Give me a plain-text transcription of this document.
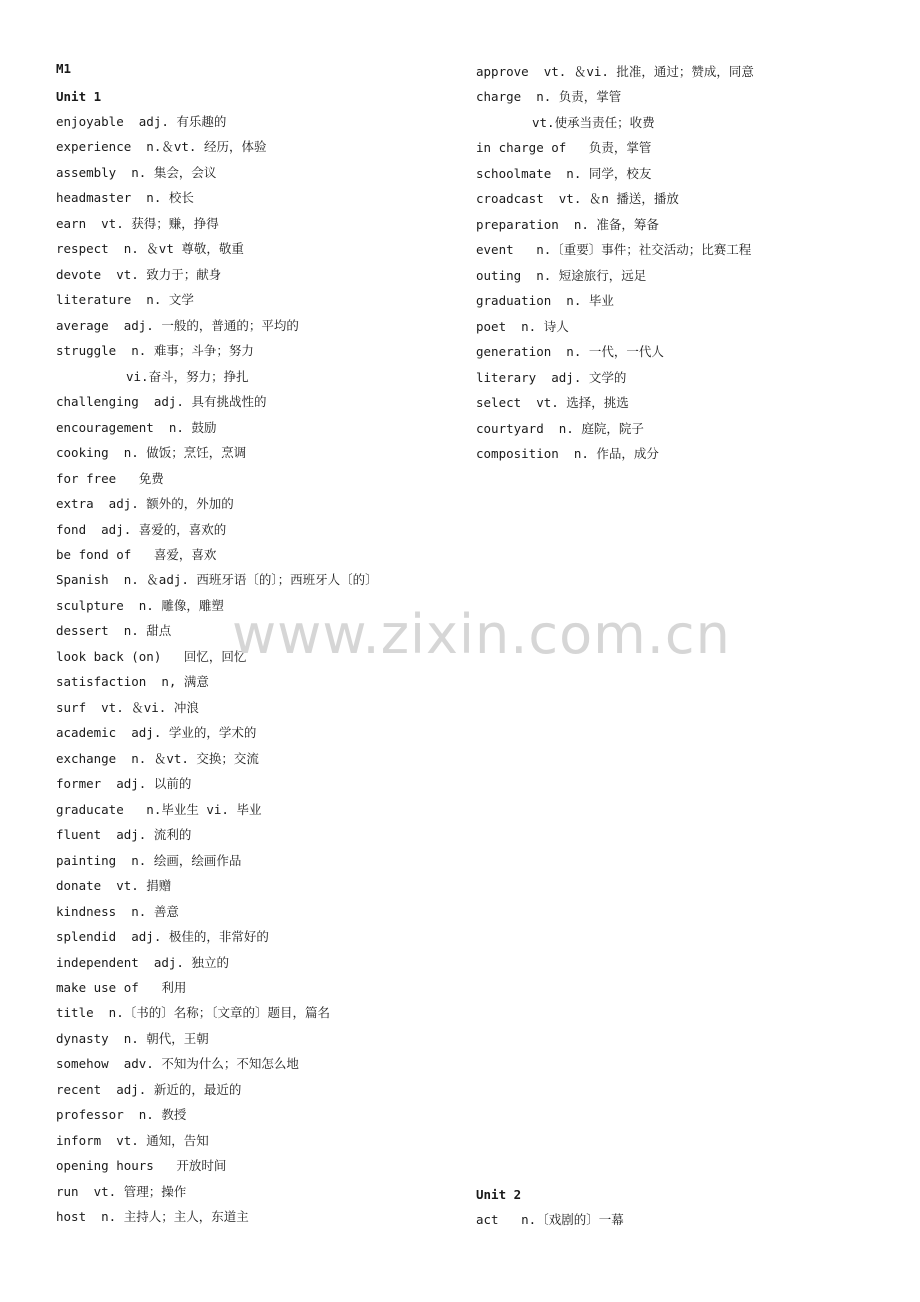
M1
Unit 1
enjoyable  adj. 有乐趣的
experience  n.＆vt. 经历，体验
assembly  n. 集会，会议
headmaster  n. 校长
earn  vt. 获得；赚，挣得
respect  n. ＆vt 尊敬，敬重
devote  vt. 致力于；献身
literature  n. 文学
average  adj. 一般的，普通的；平均的
struggle  n. 难事；斗争；努力
vi.奋斗，努力；挣扎
challenging  adj. 具有挑战性的
encouragement  n. 鼓励
cooking  n. 做饭；烹饪，烹调
for free   免费
extra  adj. 额外的，外加的
fond  adj. 喜爱的，喜欢的
be fond of   喜爱，喜欢
Spanish  n. ＆adj. 西班牙语〔的〕；西班牙人〔的〕
sculpture  n. 雕像，雕塑
dessert  n. 甜点
look back (on)   回忆，回忆
satisfaction  n, 满意
surf  vt. ＆vi. 冲浪
academic  adj. 学业的，学术的
exchange  n. ＆vt. 交换；交流
former  adj. 以前的
graducate   n.毕业生 vi. 毕业
fluent  adj. 流利的
painting  n. 绘画，绘画作品
donate  vt. 捐赠
kindness  n. 善意
splendid  adj. 极佳的，非常好的
independent  adj. 独立的
make use of   利用
title  n.〔书的〕名称；〔文章的〕题目，篇名
dynasty  n. 朝代，王朝
somehow  adv. 不知为什么；不知怎么地
recent  adj. 新近的，最近的
professor  n. 教授
inform  vt. 通知，告知
opening hours   开放时间
run  vt. 管理；操作
host  n. 主持人；主人，东道主
approve  vt. ＆vi. 批准，通过；赞成，同意
charge  n. 负责，掌管
vt.使承当责任；收费
in charge of   负责，掌管
schoolmate  n. 同学，校友
croadcast  vt. ＆n 播送，播放
preparation  n. 准备，筹备
event   n.〔重要〕事件；社交活动；比赛工程
outing  n. 短途旅行，远足
graduation  n. 毕业
poet  n. 诗人
generation  n. 一代，一代人
literary  adj. 文学的
select  vt. 选择，挑选
courtyard  n. 庭院，院子
composition  n. 作品，成分
Unit 2
act   n.〔戏剧的〕一幕
www.zixin.com.cn
